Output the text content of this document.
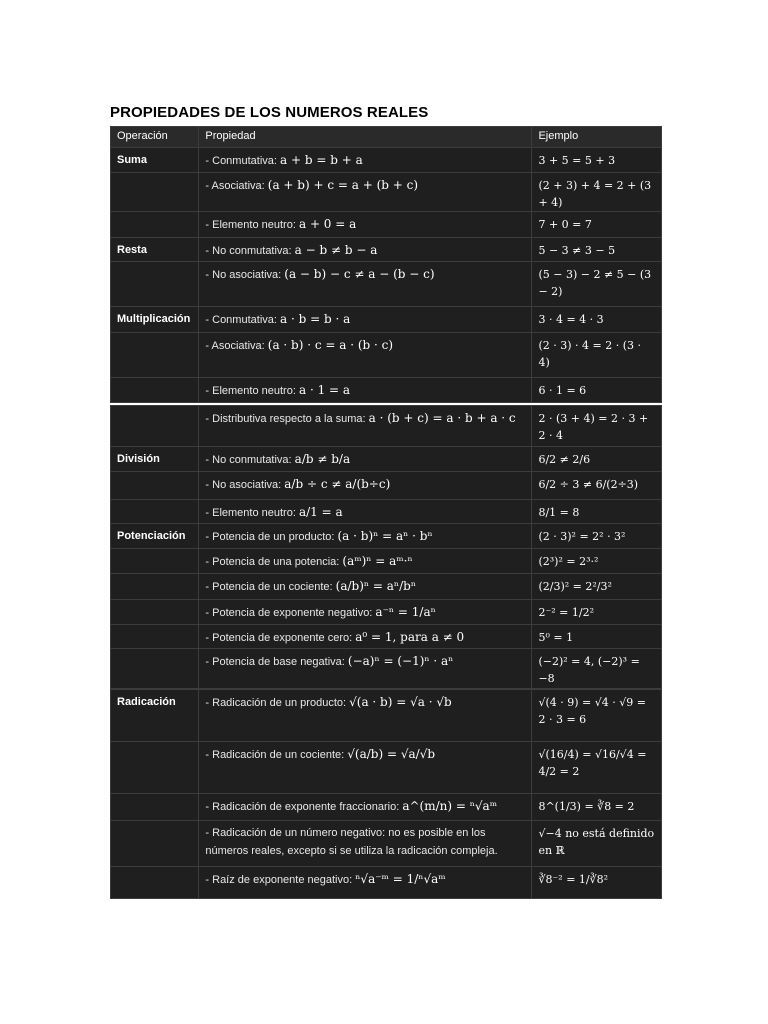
PROPIEDADES DE LOS NUMEROS REALES
Operación	Propiedad	Ejemplo

Suma	- Conmutativa: a + b = b + a	3 + 5 = 5 + 3

	- Asociativa: (a + b) + c = a + (b + c)	(2 + 3) + 4 = 2 + (3 + 4)

	- Elemento neutro: a + 0 = a	7 + 0 = 7

Resta	- No conmutativa: a − b ≠ b − a	5 − 3 ≠ 3 − 5

	- No asociativa: (a − b) − c ≠ a − (b − c)	(5 − 3) − 2 ≠ 5 − (3 − 2)

Multiplicación	- Conmutativa: a · b = b · a	3 · 4 = 4 · 3

	- Asociativa: (a · b) · c = a · (b · c)	(2 · 3) · 4 = 2 · (3 · 4)

	- Elemento neutro: a · 1 = a	6 · 1 = 6

	- Distributiva respecto a la suma: a · (b + c) = a · b + a · c	2 · (3 + 4) = 2 · 3 + 2 · 4

División	- No conmutativa: a/b ≠ b/a	6/2 ≠ 2/6

	- No asociativa: a/b ÷ c ≠ a/(b÷c)	6/2 ÷ 3 ≠ 6/(2÷3)

	- Elemento neutro: a/1 = a	8/1 = 8

Potenciación	- Potencia de un producto: (a · b)ⁿ = aⁿ · bⁿ	(2 · 3)² = 2² · 3²

	- Potencia de una potencia: (aᵐ)ⁿ = aᵐ·ⁿ	(2³)² = 2³·²

	- Potencia de un cociente: (a/b)ⁿ = aⁿ/bⁿ	(2/3)² = 2²/3²

	- Potencia de exponente negativo: a⁻ⁿ = 1/aⁿ	2⁻² = 1/2²

	- Potencia de exponente cero: a⁰ = 1, para a ≠ 0	5⁰ = 1

	- Potencia de base negativa: (−a)ⁿ = (−1)ⁿ · aⁿ	(−2)² = 4, (−2)³ = −8
Radicación	- Radicación de un producto: √(a · b) = √a · √b	√(4 · 9) = √4 · √9 = 2 · 3 = 6

	- Radicación de un cociente: √(a/b) = √a/√b	√(16/4) = √16/√4 = 4/2 = 2

	- Radicación de exponente fraccionario: a^(m/n) = ⁿ√aᵐ	8^(1/3) = ∛8 = 2

	- Radicación de un número negativo: no es posible en los números reales, excepto si se utiliza la radicación compleja.	√−4 no está definido en ℝ

	- Raíz de exponente negativo: ⁿ√a⁻ᵐ = 1/ⁿ√aᵐ	∛8⁻² = 1/∛8²
